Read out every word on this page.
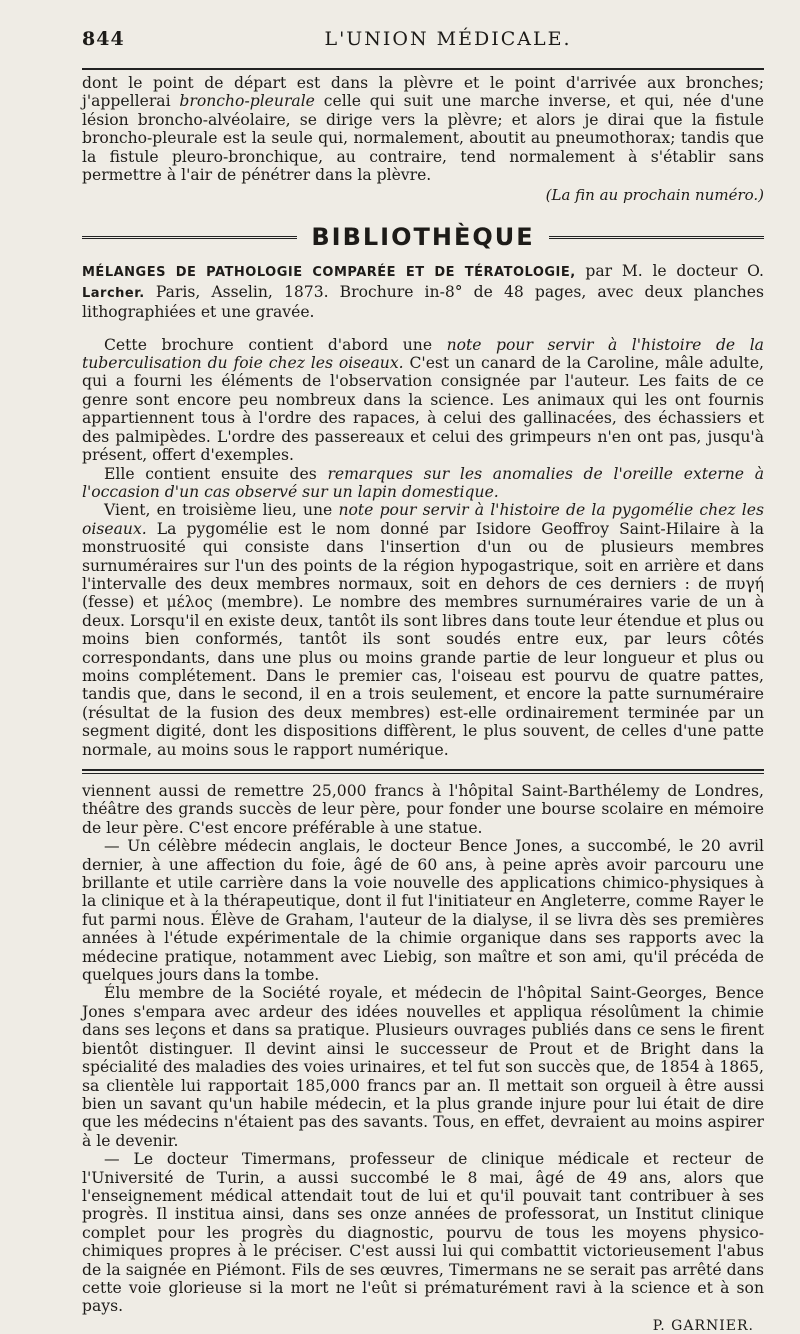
844	L'UNION MÉDICALE.

dont le point de départ est dans la plèvre et le point d'arrivée aux bronches; j'appellerai broncho-pleurale celle qui suit une marche inverse, et qui, née d'une lésion broncho-alvéolaire, se dirige vers la plèvre; et alors je dirai que la fistule broncho-pleurale est la seule qui, normalement, aboutit au pneumothorax; tandis que la fistule pleuro-bronchique, au contraire, tend normalement à s'établir sans permettre à l'air de pénétrer dans la plèvre.

(La fin au prochain numéro.)
BIBLIOTHÈQUE
MÉLANGES DE PATHOLOGIE COMPARÉE ET DE TÉRATOLOGIE, par M. le docteur O. Larcher. Paris, Asselin, 1873. Brochure in-8° de 48 pages, avec deux planches lithographiées et une gravée.

Cette brochure contient d'abord une note pour servir à l'histoire de la tuberculisation du foie chez les oiseaux. C'est un canard de la Caroline, mâle adulte, qui a fourni les éléments de l'observation consignée par l'auteur. Les faits de ce genre sont encore peu nombreux dans la science. Les animaux qui les ont fournis appartiennent tous à l'ordre des rapaces, à celui des gallinacées, des échassiers et des palmipèdes. L'ordre des passereaux et celui des grimpeurs n'en ont pas, jusqu'à présent, offert d'exemples.

Elle contient ensuite des remarques sur les anomalies de l'oreille externe à l'occasion d'un cas observé sur un lapin domestique.

Vient, en troisième lieu, une note pour servir à l'histoire de la pygomélie chez les oiseaux. La pygomélie est le nom donné par Isidore Geoffroy Saint-Hilaire à la monstruosité qui consiste dans l'insertion d'un ou de plusieurs membres surnuméraires sur l'un des points de la région hypogastrique, soit en arrière et dans l'intervalle des deux membres normaux, soit en dehors de ces derniers : de πυγή (fesse) et μέλος (membre). Le nombre des membres surnuméraires varie de un à deux. Lorsqu'il en existe deux, tantôt ils sont libres dans toute leur étendue et plus ou moins bien conformés, tantôt ils sont soudés entre eux, par leurs côtés correspondants, dans une plus ou moins grande partie de leur longueur et plus ou moins complétement. Dans le premier cas, l'oiseau est pourvu de quatre pattes, tandis que, dans le second, il en a trois seulement, et encore la patte surnuméraire (résultat de la fusion des deux membres) est-elle ordinairement terminée par un segment digité, dont les dispositions diffèrent, le plus souvent, de celles d'une patte normale, au moins sous le rapport numérique.

viennent aussi de remettre 25,000 francs à l'hôpital Saint-Barthélemy de Londres, théâtre des grands succès de leur père, pour fonder une bourse scolaire en mémoire de leur père. C'est encore préférable à une statue.

— Un célèbre médecin anglais, le docteur Bence Jones, a succombé, le 20 avril dernier, à une affection du foie, âgé de 60 ans, à peine après avoir parcouru une brillante et utile carrière dans la voie nouvelle des applications chimico-physiques à la clinique et à la thérapeutique, dont il fut l'initiateur en Angleterre, comme Rayer le fut parmi nous. Élève de Graham, l'auteur de la dialyse, il se livra dès ses premières années à l'étude expérimentale de la chimie organique dans ses rapports avec la médecine pratique, notamment avec Liebig, son maître et son ami, qu'il précéda de quelques jours dans la tombe.

Élu membre de la Société royale, et médecin de l'hôpital Saint-Georges, Bence Jones s'empara avec ardeur des idées nouvelles et appliqua résolûment la chimie dans ses leçons et dans sa pratique. Plusieurs ouvrages publiés dans ce sens le firent bientôt distinguer. Il devint ainsi le successeur de Prout et de Bright dans la spécialité des maladies des voies urinaires, et tel fut son succès que, de 1854 à 1865, sa clientèle lui rapportait 185,000 francs par an. Il mettait son orgueil à être aussi bien un savant qu'un habile médecin, et la plus grande injure pour lui était de dire que les médecins n'étaient pas des savants. Tous, en effet, devraient au moins aspirer à le devenir.

— Le docteur Timermans, professeur de clinique médicale et recteur de l'Université de Turin, a aussi succombé le 8 mai, âgé de 49 ans, alors que l'enseignement médical attendait tout de lui et qu'il pouvait tant contribuer à ses progrès. Il institua ainsi, dans ses onze années de professorat, un Institut clinique complet pour les progrès du diagnostic, pourvu de tous les moyens physico-chimiques propres à le préciser. C'est aussi lui qui combattit victorieusement l'abus de la saignée en Piémont. Fils de ses œuvres, Timermans ne se serait pas arrêté dans cette voie glorieuse si la mort ne l'eût si prématurément ravi à la science et à son pays.

P. GARNIER.
